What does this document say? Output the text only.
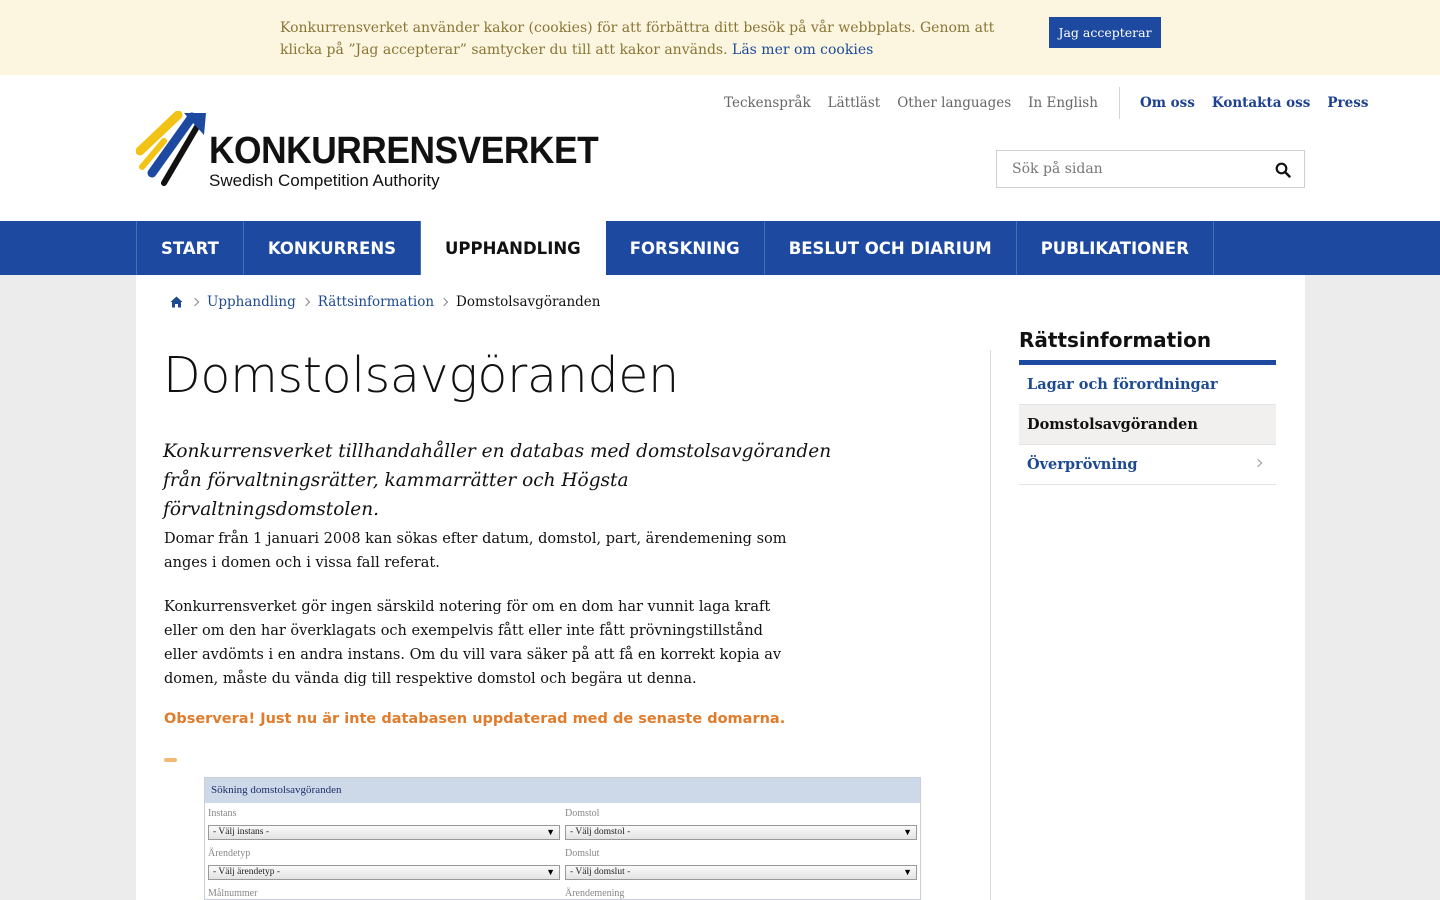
Konkurrensverket använder kakor (cookies) för att förbättra ditt besök på vår webbplats. Genom att klicka på ”Jag accepterar” samtycker du till att kakor används. Läs mer om cookies
Jag accepterar
Teckenspråk Lättläst Other languages In English	Om oss Kontakta oss Press
KONKURRENSVERKET
Swedish Competition Authority
Sök på sidan
START	KONKURRENS	UPPHANDLING	FORSKNING	BESLUT OCH DIARIUM	PUBLIKATIONER
Upphandling Rättsinformation Domstolsavgöranden
Domstolsavgöranden

Konkurrensverket tillhandahåller en databas med domstolsavgöranden från förvaltningsrätter, kammarrätter och Högsta förvaltningsdomstolen.

Domar från 1 januari 2008 kan sökas efter datum, domstol, part, ärendemening som anges i domen och i vissa fall referat.

Konkurrensverket gör ingen särskild notering för om en dom har vunnit laga kraft eller om den har överklagats och exempelvis fått eller inte fått prövningstillstånd eller avdömts i en andra instans. Om du vill vara säker på att få en korrekt kopia av domen, måste du vända dig till respektive domstol och begära ut denna.

Observera! Just nu är inte databasen uppdaterad med de senaste domarna.

Rättsinformation
Lagar och förordningar
Domstolsavgöranden
Överprövning
Sökning domstolsavgöranden
Instans
- Välj instans -	▼
Domstol
- Välj domstol -	▼
Ärendetyp
- Välj ärendetyp -	▼
Domslut
- Välj domslut -	▼
Målnummer	Ärendemening
